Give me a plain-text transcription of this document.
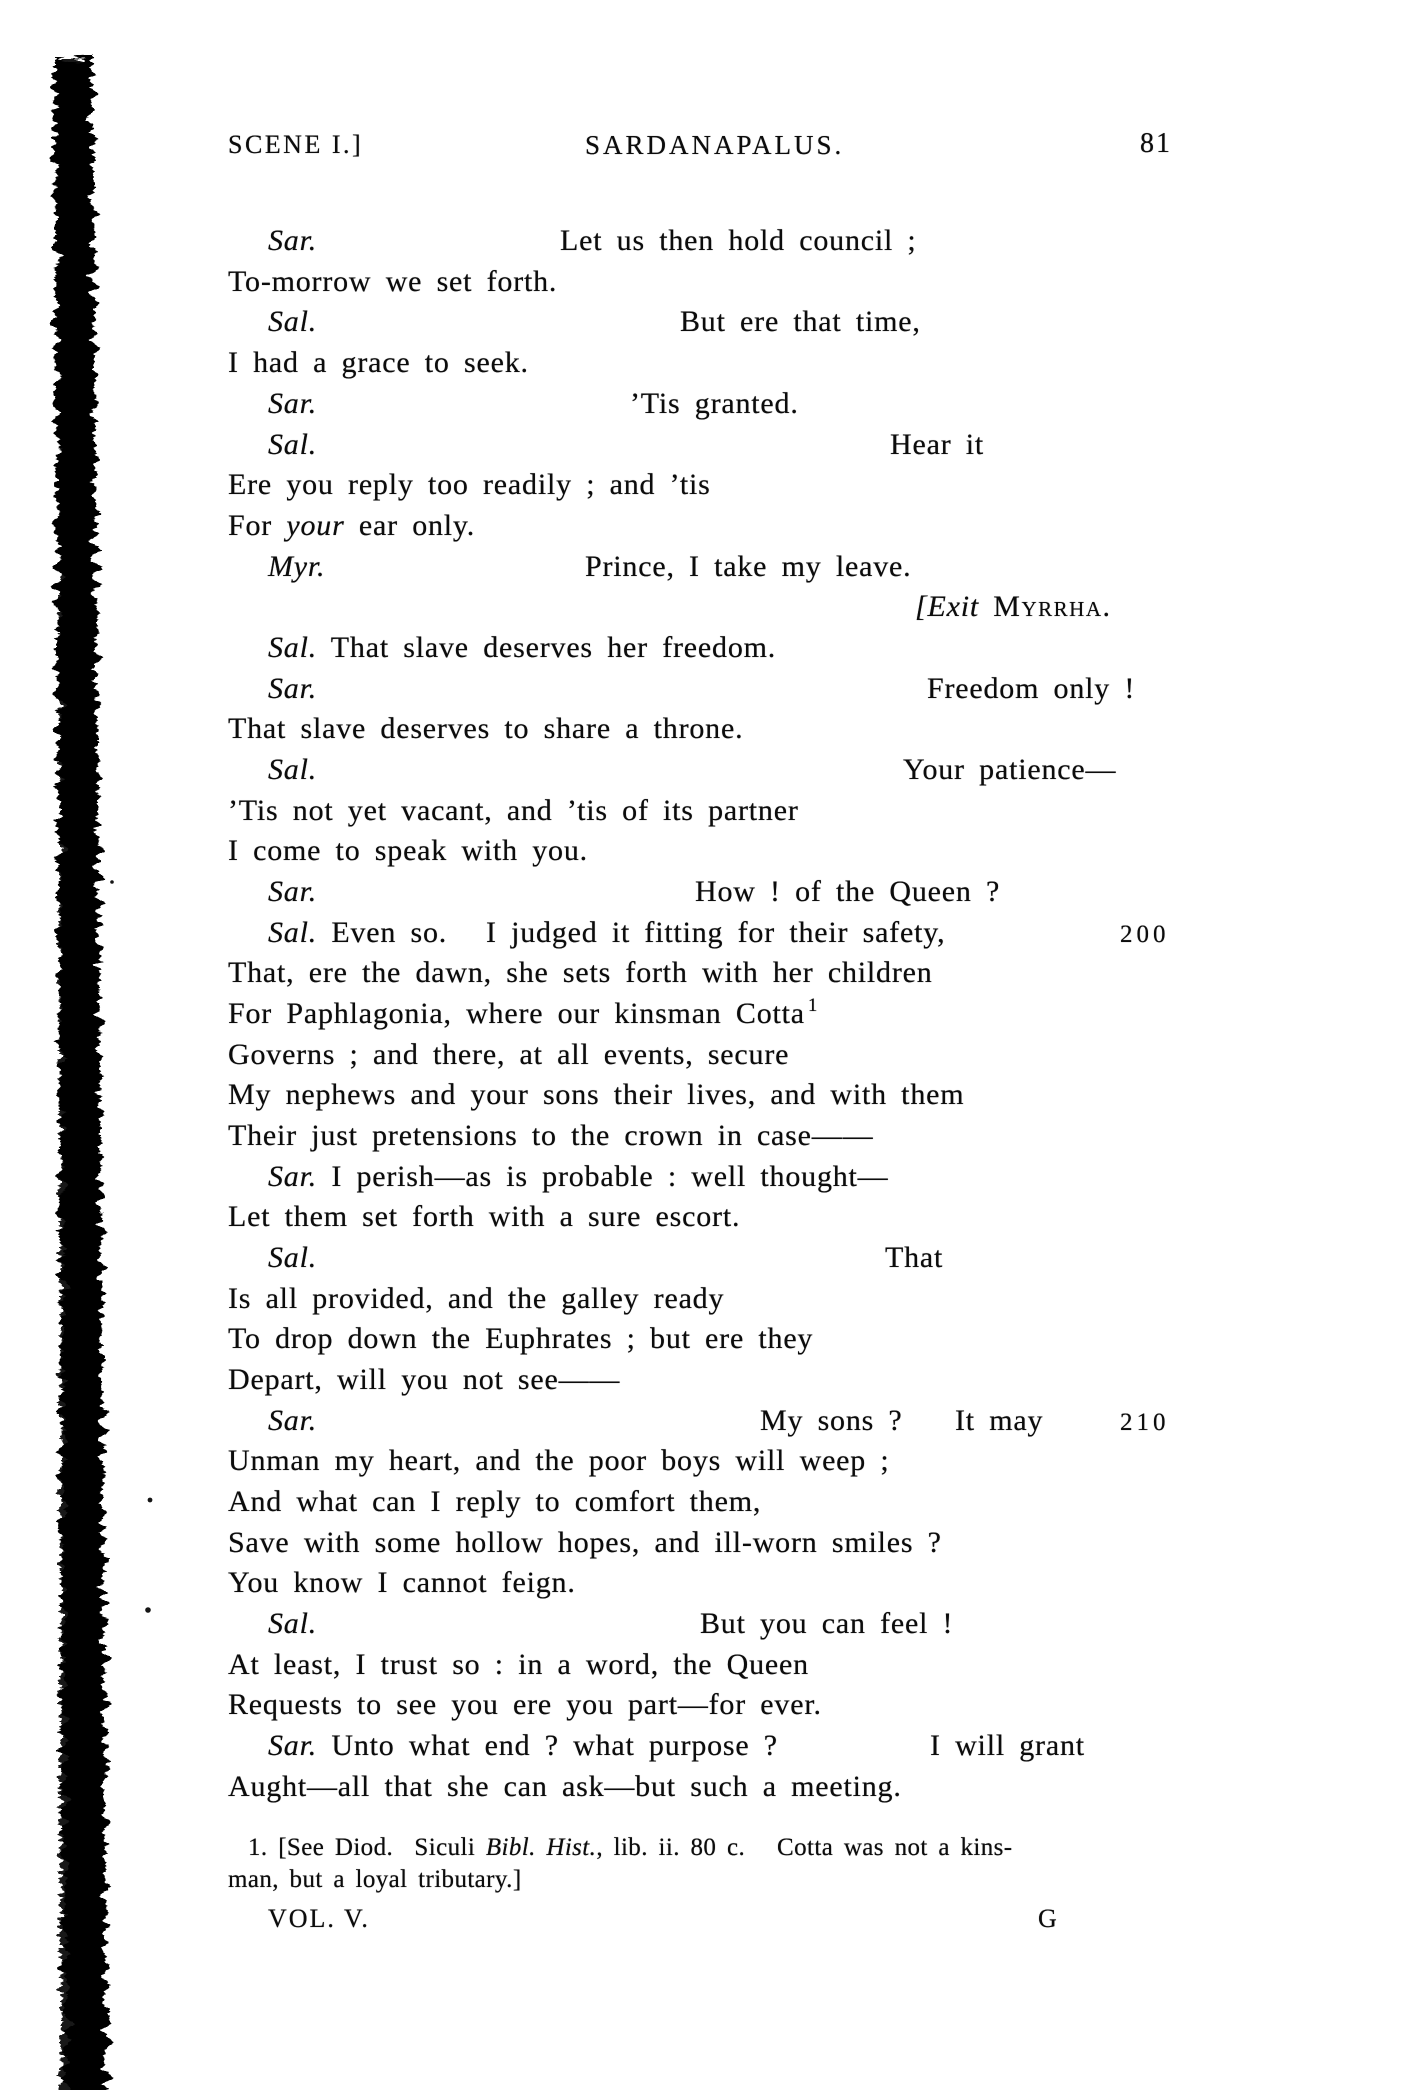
SCENE I.]	SARDANAPALUS.	81
Sar.	Let us then hold council ;
To-morrow we set forth.
Sal.	But ere that time,
I had a grace to seek.
Sar.	’Tis granted.
Sal.	Hear it
Ere you reply too readily ; and ’tis
For your ear only.
Myr.	Prince, I take my leave.
[Exit Myrrha.
Sal. That slave deserves her freedom.
Sar.	Freedom only !
That slave deserves to share a throne.
Sal.	Your patience—
’Tis not yet vacant, and ’tis of its partner
I come to speak with you.
Sar.	How ! of the Queen ?
Sal. Even so. I judged it fitting for their safety,	200
That, ere the dawn, she sets forth with her children
For Paphlagonia, where our kinsman Cotta $^1$
Governs ; and there, at all events, secure
My nephews and your sons their lives, and with them
Their just pretensions to the crown in case——
Sar. I perish—as is probable : well thought—
Let them set forth with a sure escort.
Sal.	That
Is all provided, and the galley ready
To drop down the Euphrates ; but ere they
Depart, will you not see——
Sar.	My sons ? It may	210
Unman my heart, and the poor boys will weep ;
And what can I reply to comfort them,
Save with some hollow hopes, and ill-worn smiles ?
You know I cannot feign.
Sal.	But you can feel !
At least, I trust so : in a word, the Queen
Requests to see you ere you part—for ever.
Sar. Unto what end ? what purpose ?	I will grant
Aught—all that she can ask—but such a meeting.
1. [See Diod.  Siculi Bibl. Hist., lib. ii. 80 c.   Cotta was not a kins-
man, but a loyal tributary.]
VOL. V.	G
